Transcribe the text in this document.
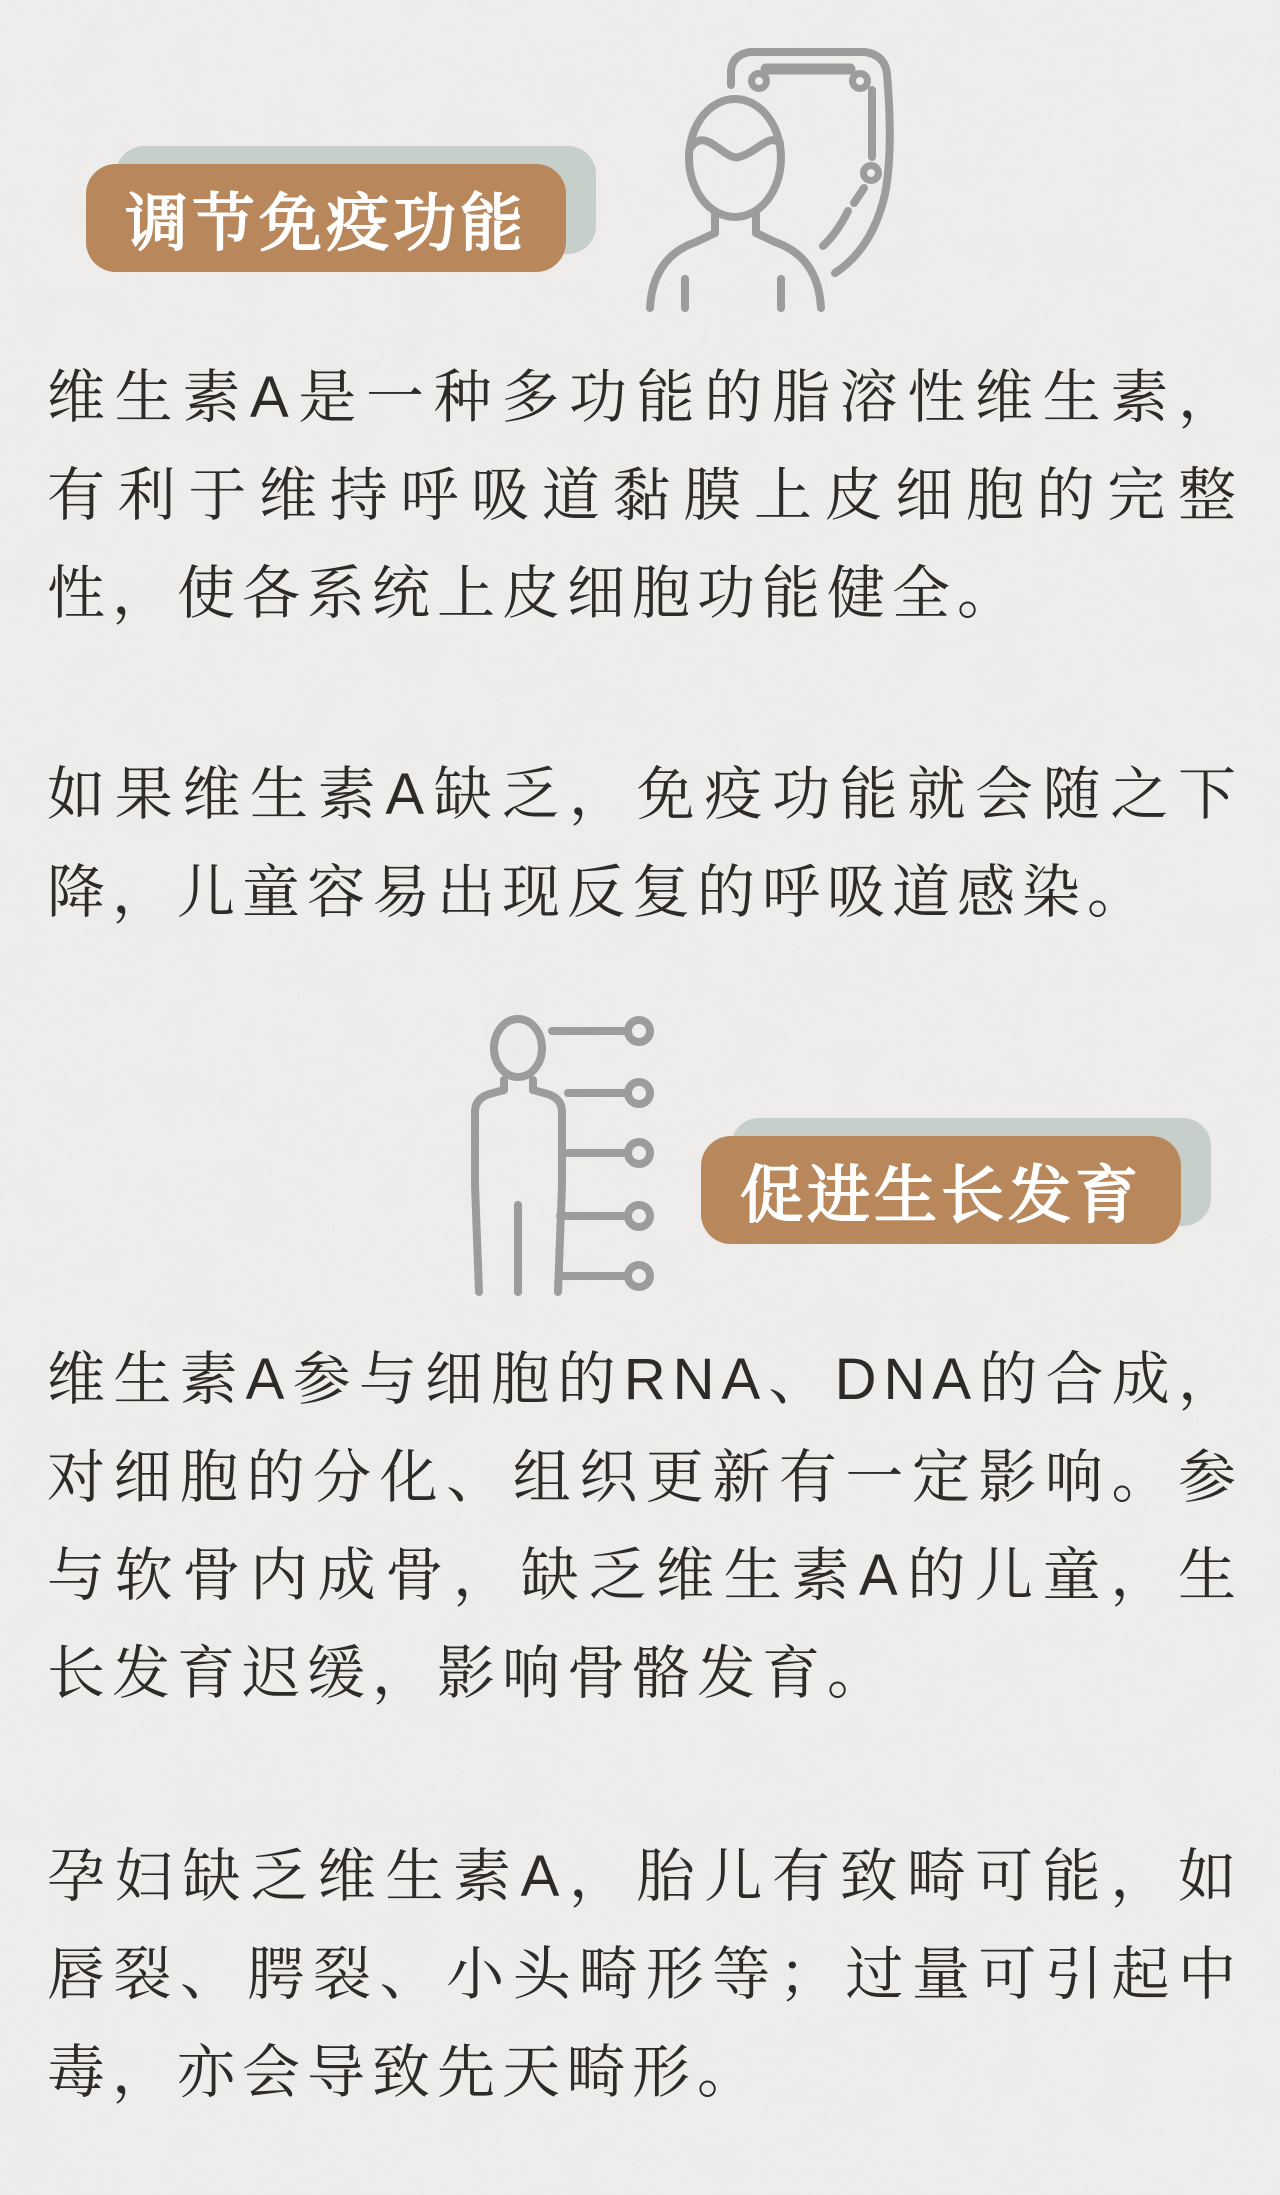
调节免疫功能

维生素A是一种多功能的脂溶性维生素，有利于维持呼吸道黏膜上皮细胞的完整性，使各系统上皮细胞功能健全。

如果维生素A缺乏，免疫功能就会随之下降，儿童容易出现反复的呼吸道感染。

促进生长发育

维生素A参与细胞的RNA、DNA的合成，对细胞的分化、组织更新有一定影响。参与软骨内成骨，缺乏维生素A的儿童，生长发育迟缓，影响骨骼发育。

孕妇缺乏维生素A，胎儿有致畸可能，如唇裂、腭裂、小头畸形等；过量可引起中毒，亦会导致先天畸形。
